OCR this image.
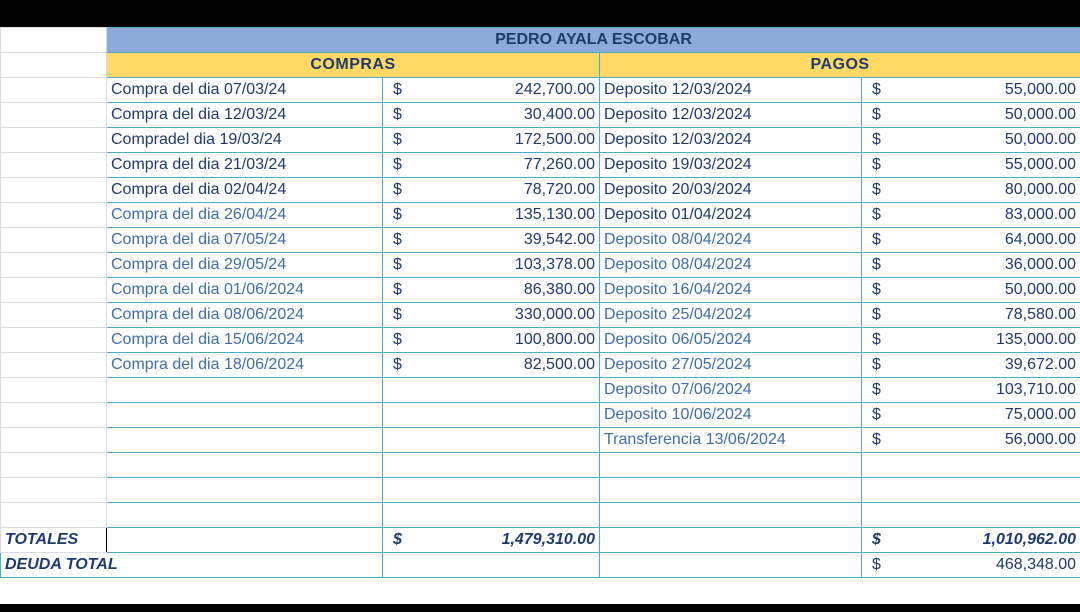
	PEDRO AYALA ESCOBAR			
	COMPRAS		PAGOS	
	Compra del dia 07/03/24	$ 242,700.00	Deposito 12/03/2024	$ 55,000.00

	Compra del dia 12/03/24	$ 30,400.00	Deposito 12/03/2024	$ 50,000.00

	Compradel dia 19/03/24	$ 172,500.00	Deposito 12/03/2024	$ 50,000.00

	Compra del dia 21/03/24	$ 77,260.00	Deposito 19/03/2024	$ 55,000.00

	Compra del dia 02/04/24	$ 78,720.00	Deposito 20/03/2024	$ 80,000.00

	Compra del dia 26/04/24	$ 135,130.00	Deposito 01/04/2024	$ 83,000.00

	Compra del dia 07/05/24	$ 39,542.00	Deposito 08/04/2024	$ 64,000.00

	Compra del dia 29/05/24	$ 103,378.00	Deposito 08/04/2024	$ 36,000.00

	Compra del dia 01/06/2024	$ 86,380.00	Deposito 16/04/2024	$ 50,000.00

	Compra del dia 08/06/2024	$ 330,000.00	Deposito 25/04/2024	$ 78,580.00

	Compra del dia 15/06/2024	$ 100,800.00	Deposito 06/05/2024	$ 135,000.00

	Compra del dia 18/06/2024	$ 82,500.00	Deposito 27/05/2024	$ 39,672.00

			Deposito 07/06/2024	$ 103,710.00

			Deposito 10/06/2024	$ 75,000.00

			Transferencia 13/06/2024	$ 56,000.00

TOTALES		$ 1,479,310.00		$ 1,010,962.00

DEUDA TOTAL				$ 468,348.00
